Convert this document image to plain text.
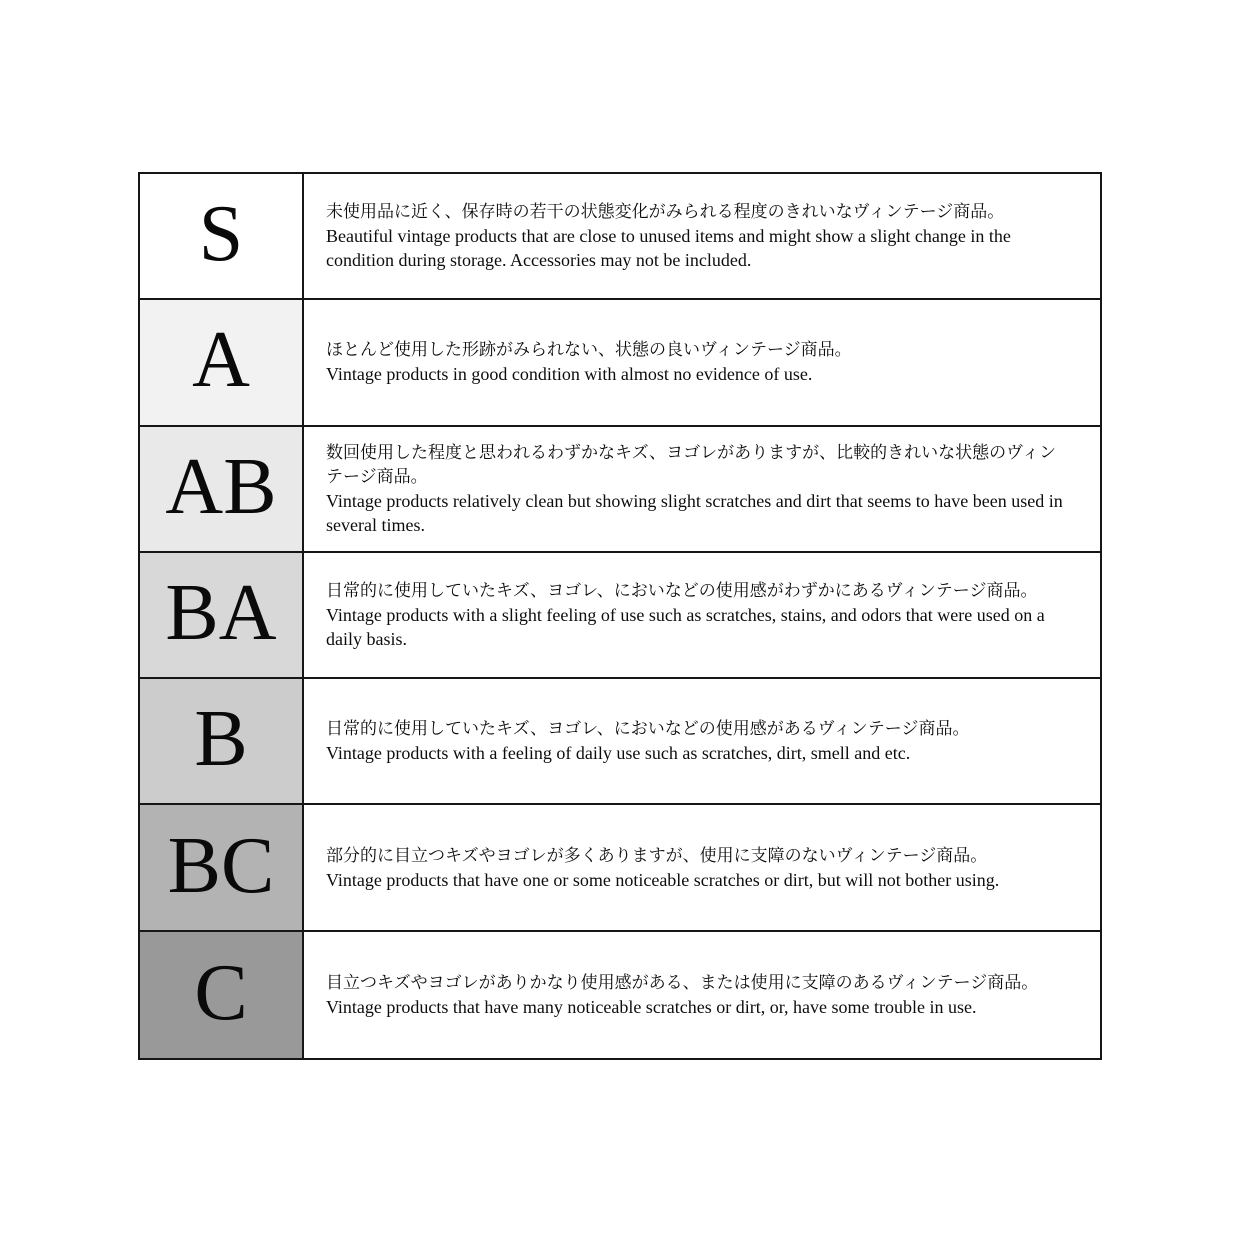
S	未使用品に近く、保存時の若干の状態変化がみられる程度のきれいなヴィンテージ商品。

Beautiful vintage products that are close to unused items and might show a slight change in the condition during storage. Accessories may not be included.

A	ほとんど使用した形跡がみられない、状態の良いヴィンテージ商品。

Vintage products in good condition with almost no evidence of use.

AB	数回使用した程度と思われるわずかなキズ、ヨゴレがありますが、比較的きれいな状態のヴィンテージ商品。

Vintage products relatively clean but showing slight scratches and dirt that seems to have been used in several times.

BA	日常的に使用していたキズ、ヨゴレ、においなどの使用感がわずかにあるヴィンテージ商品。

Vintage products with a slight feeling of use such as scratches, stains, and odors that were used on a daily basis.

B	日常的に使用していたキズ、ヨゴレ、においなどの使用感があるヴィンテージ商品。

Vintage products with a feeling of daily use such as scratches, dirt, smell and etc.

BC	部分的に目立つキズやヨゴレが多くありますが、使用に支障のないヴィンテージ商品。

Vintage products that have one or some noticeable scratches or dirt, but will not bother using.

C	目立つキズやヨゴレがありかなり使用感がある、または使用に支障のあるヴィンテージ商品。

Vintage products that have many noticeable scratches or dirt, or, have some trouble in use.
